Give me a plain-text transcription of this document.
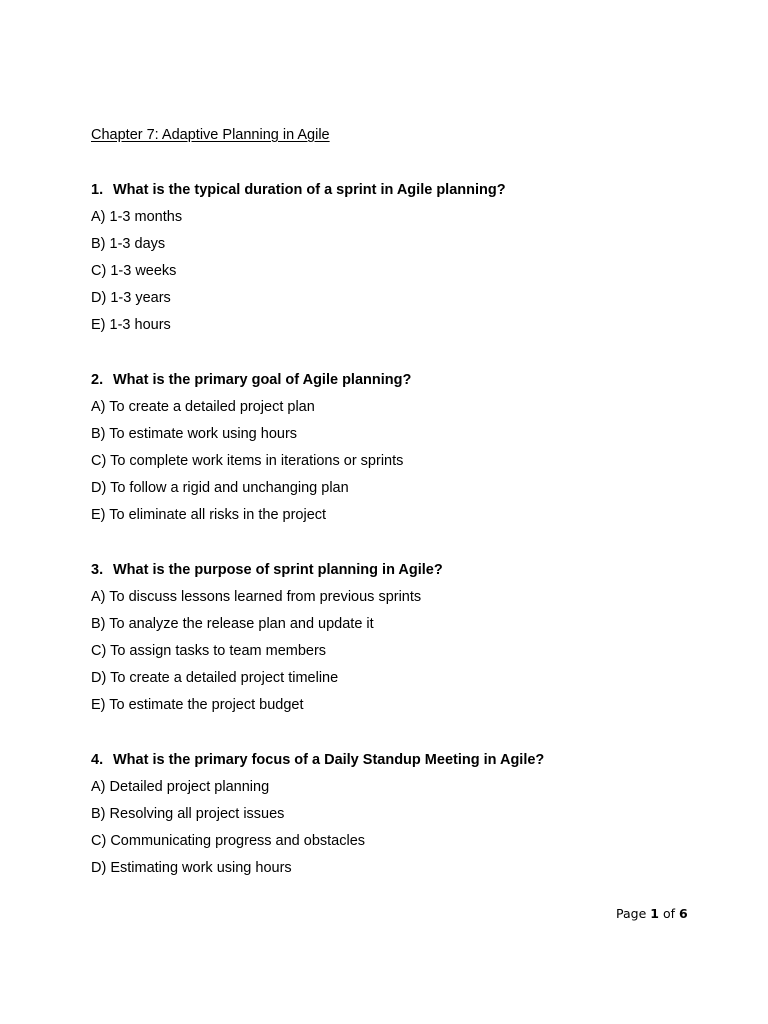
Chapter 7: Adaptive Planning in Agile
1. What is the typical duration of a sprint in Agile planning?
A) 1-3 months
B) 1-3 days
C) 1-3 weeks
D) 1-3 years
E) 1-3 hours
2. What is the primary goal of Agile planning?
A) To create a detailed project plan
B) To estimate work using hours
C) To complete work items in iterations or sprints
D) To follow a rigid and unchanging plan
E) To eliminate all risks in the project
3. What is the purpose of sprint planning in Agile?
A) To discuss lessons learned from previous sprints
B) To analyze the release plan and update it
C) To assign tasks to team members
D) To create a detailed project timeline
E) To estimate the project budget
4. What is the primary focus of a Daily Standup Meeting in Agile?
A) Detailed project planning
B) Resolving all project issues
C) Communicating progress and obstacles
D) Estimating work using hours
Page 1 of 6
